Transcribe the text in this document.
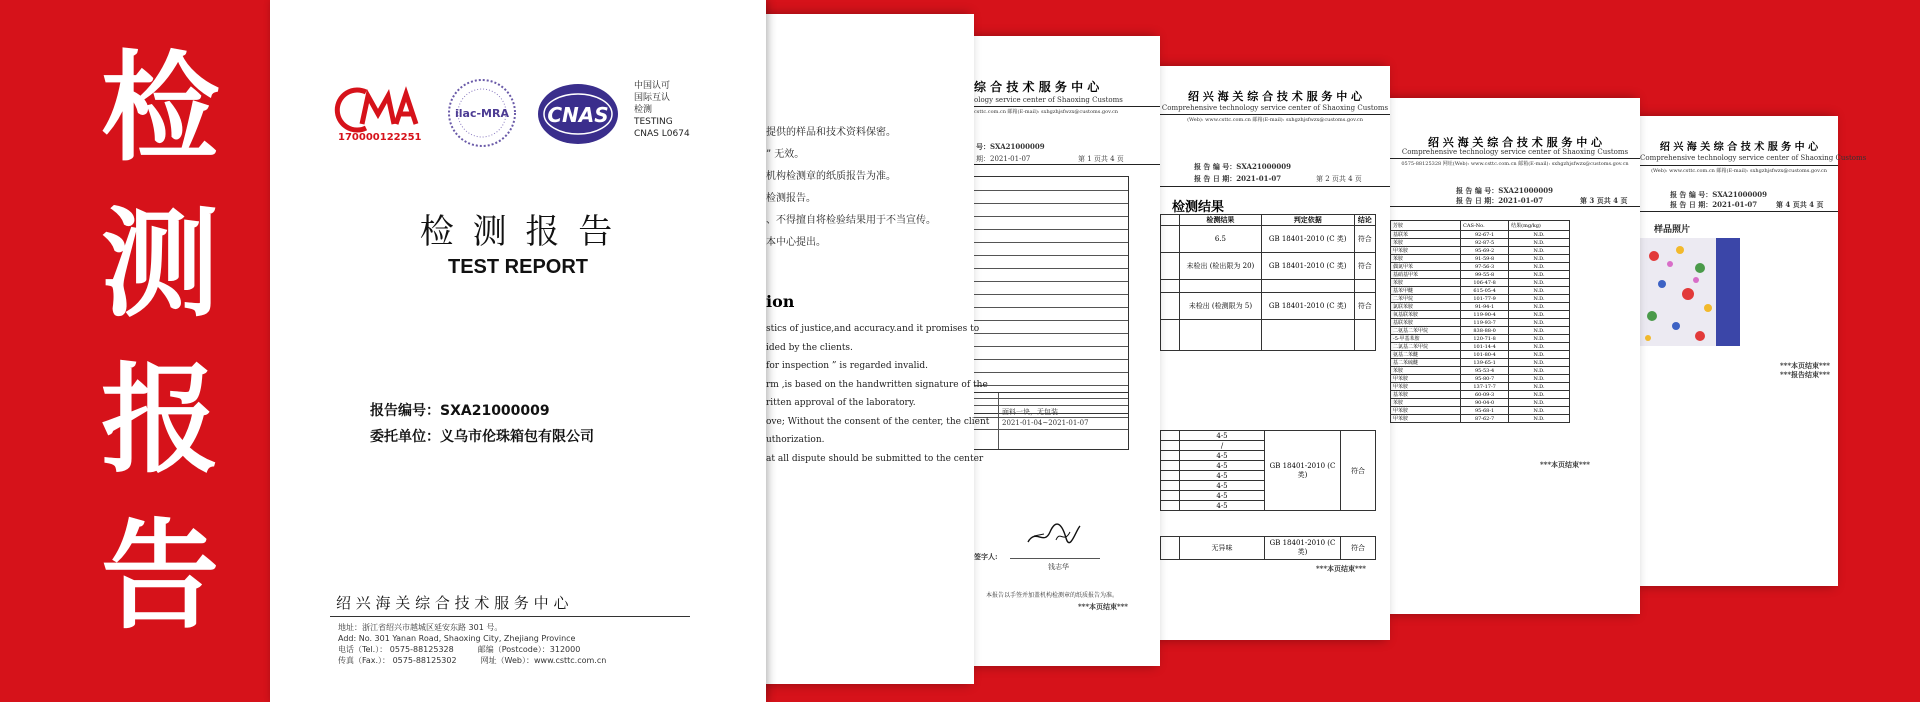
检
测
报
告
绍 兴 海 关 综 合 技 术 服 务 中 心
Comprehensive technology service center of Shaoxing Customs
(Web): www.csttc.com.cn 邮箱(E-mail): sxhgzhjsfwzx@customs.gov.cn
报 告 编 号：SXA21000009
报 告 日 期：2021-01-07	第 4 页共 4 页
样品照片
***本页结束***
***报告结束***
绍 兴 海 关 综 合 技 术 服 务 中 心
Comprehensive technology service center of Shaoxing Customs
0575-88125328 网址(Web): www.csttc.com.cn 邮箱(E-mail): sxhgzhjsfwzx@customs.gov.cn
报 告 编 号：SXA21000009
报 告 日 期：2021-01-07	第 3 页共 4 页
芳胺	CAS-No.	结果(mg/kg)
基联苯	92-67-1	N.D.
苯胺	92-87-5	N.D.
甲苯胺	95-69-2	N.D.
苯胺	91-59-8	N.D.
偶氮甲苯	97-56-3	N.D.
基硝基甲苯	99-55-8	N.D.
苯胺	106-47-8	N.D.
基苯甲醚	615-05-4	N.D.
二苯甲烷	101-77-9	N.D.
氯联苯胺	91-94-1	N.D.
氧基联苯胺	119-90-4	N.D.
基联苯胺	119-93-7	N.D.
二氨基二苯甲烷	838-88-0	N.D.
-5-甲基苯胺	120-71-8	N.D.
二氯基二苯甲烷	101-14-4	N.D.
氨基二苯醚	101-80-4	N.D.
基二苯硫醚	139-65-1	N.D.
苯胺	95-53-4	N.D.
甲苯胺	95-80-7	N.D.
甲苯胺	137-17-7	N.D.
基苯胺	60-09-3	N.D.
苯胺	90-04-0	N.D.
甲苯胺	95-68-1	N.D.
甲苯胺	87-62-7	N.D.
***本页结束***
绍 兴 海 关 综 合 技 术 服 务 中 心
Comprehensive technology service center of Shaoxing Customs
(Web): www.csttc.com.cn 邮箱(E-mail): sxhgzhjsfwzx@customs.gov.cn
报 告 编 号：SXA21000009
报 告 日 期：2021-01-07	第 2 页共 4 页
检测结果
	检测结果	判定依据	结论
	6.5	GB 18401-2010 (C 类)	符合
	未检出 (检出限为 20)	GB 18401-2010 (C 类)	符合

	未检出 (检测限为 5)	GB 18401-2010 (C 类)	符合

	4-5	GB 18401-2010 (C 类)	符合
	/		
	4-5		
	4-5		
	4-5		
	4-5		
	4-5		
	4-5		
	无异味	GB 18401-2010 (C 类)	符合
***本页结束***
综 合 技 术 服 务 中 心
ology service center of Shaoxing Customs
csttc.com.cn 邮箱(E-mail): sxhgzhjsfwzx@customs.gov.cn
号：SXA21000009
期：2021-01-07	第 1 页共 4 页
面料一块，无包装
2021-01-04~2021-01-07
签字人:
钱志华
本报告以手签并加盖机构检测章的纸质报告为准。
***本页结束***
提供的样品和技术资料保密。
” 无效。
机构检测章的纸质报告为准。
检测报告。
、不得擅自将检验结果用于不当宣传。
本中心提出。
ion
stics of justice,and accuracy.and it promises to
ided by the clients.
for inspection ” is regarded invalid.
rm ,is based on the handwritten signature of the
ritten approval of the laboratory.
ove; Without the consent of the center, the client
uthorization.
at all dispute should be submitted to the center
170000122251
ilac-MRA CNAS
中国认可
国际互认
检测
TESTING
CNAS L0674
检 测 报 告
TEST REPORT
报告编号：SXA21000009
委托单位：义乌市伦珠箱包有限公司
绍 兴 海 关 综 合 技 术 服 务 中 心
地址：浙江省绍兴市越城区延安东路 301 号。
Add: No. 301 Yanan Road, Shaoxing City, Zhejiang Province
电话（Tel.）： 0575-88125328	邮编（Postcode）：312000
传真（Fax.）： 0575-88125302	网址（Web）：www.csttc.com.cn
